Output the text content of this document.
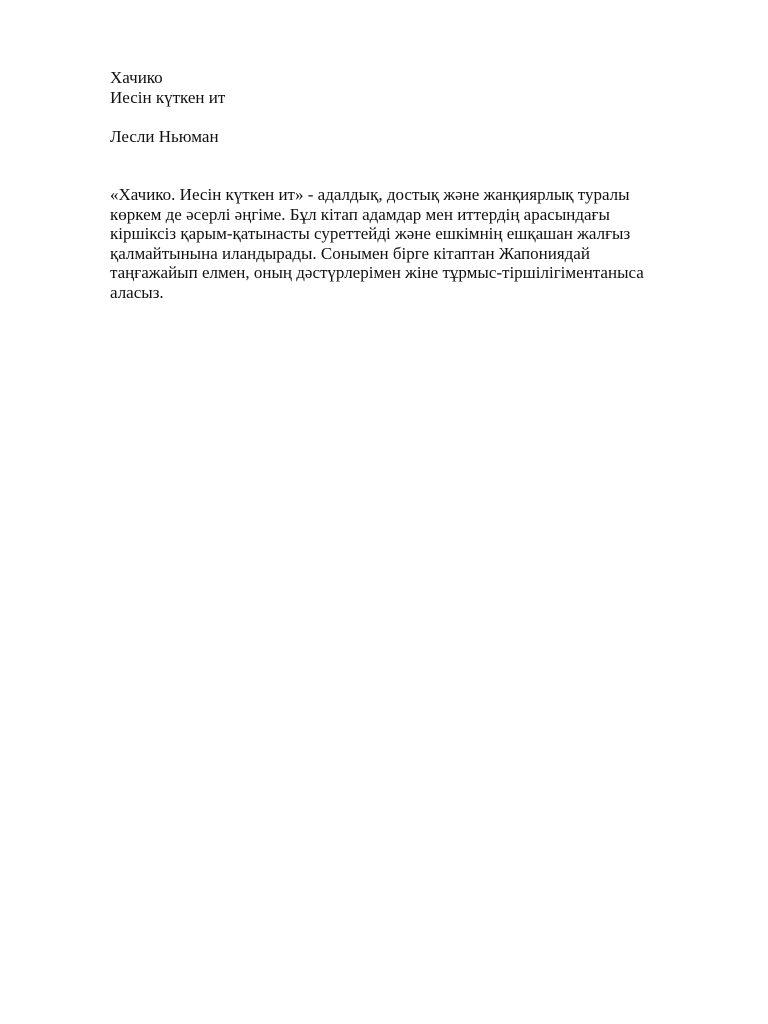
Хачико
Иесін күткен ит
Лесли Ньюман

«Хачико. Иесін күткен ит» - адалдық, достық және жанқиярлық туралы
көркем де әсерлі әңгіме. Бұл кітап адамдар мен иттердің арасындағы
кіршіксіз қарым-қатынасты суреттейді және ешкімнің ешқашан жалғыз
қалмайтынына иландырады. Сонымен бірге кітаптан Жапониядай
таңғажайып елмен, оның дәстүрлерімен жіне тұрмыс-тіршілігіментаныса
аласыз.
